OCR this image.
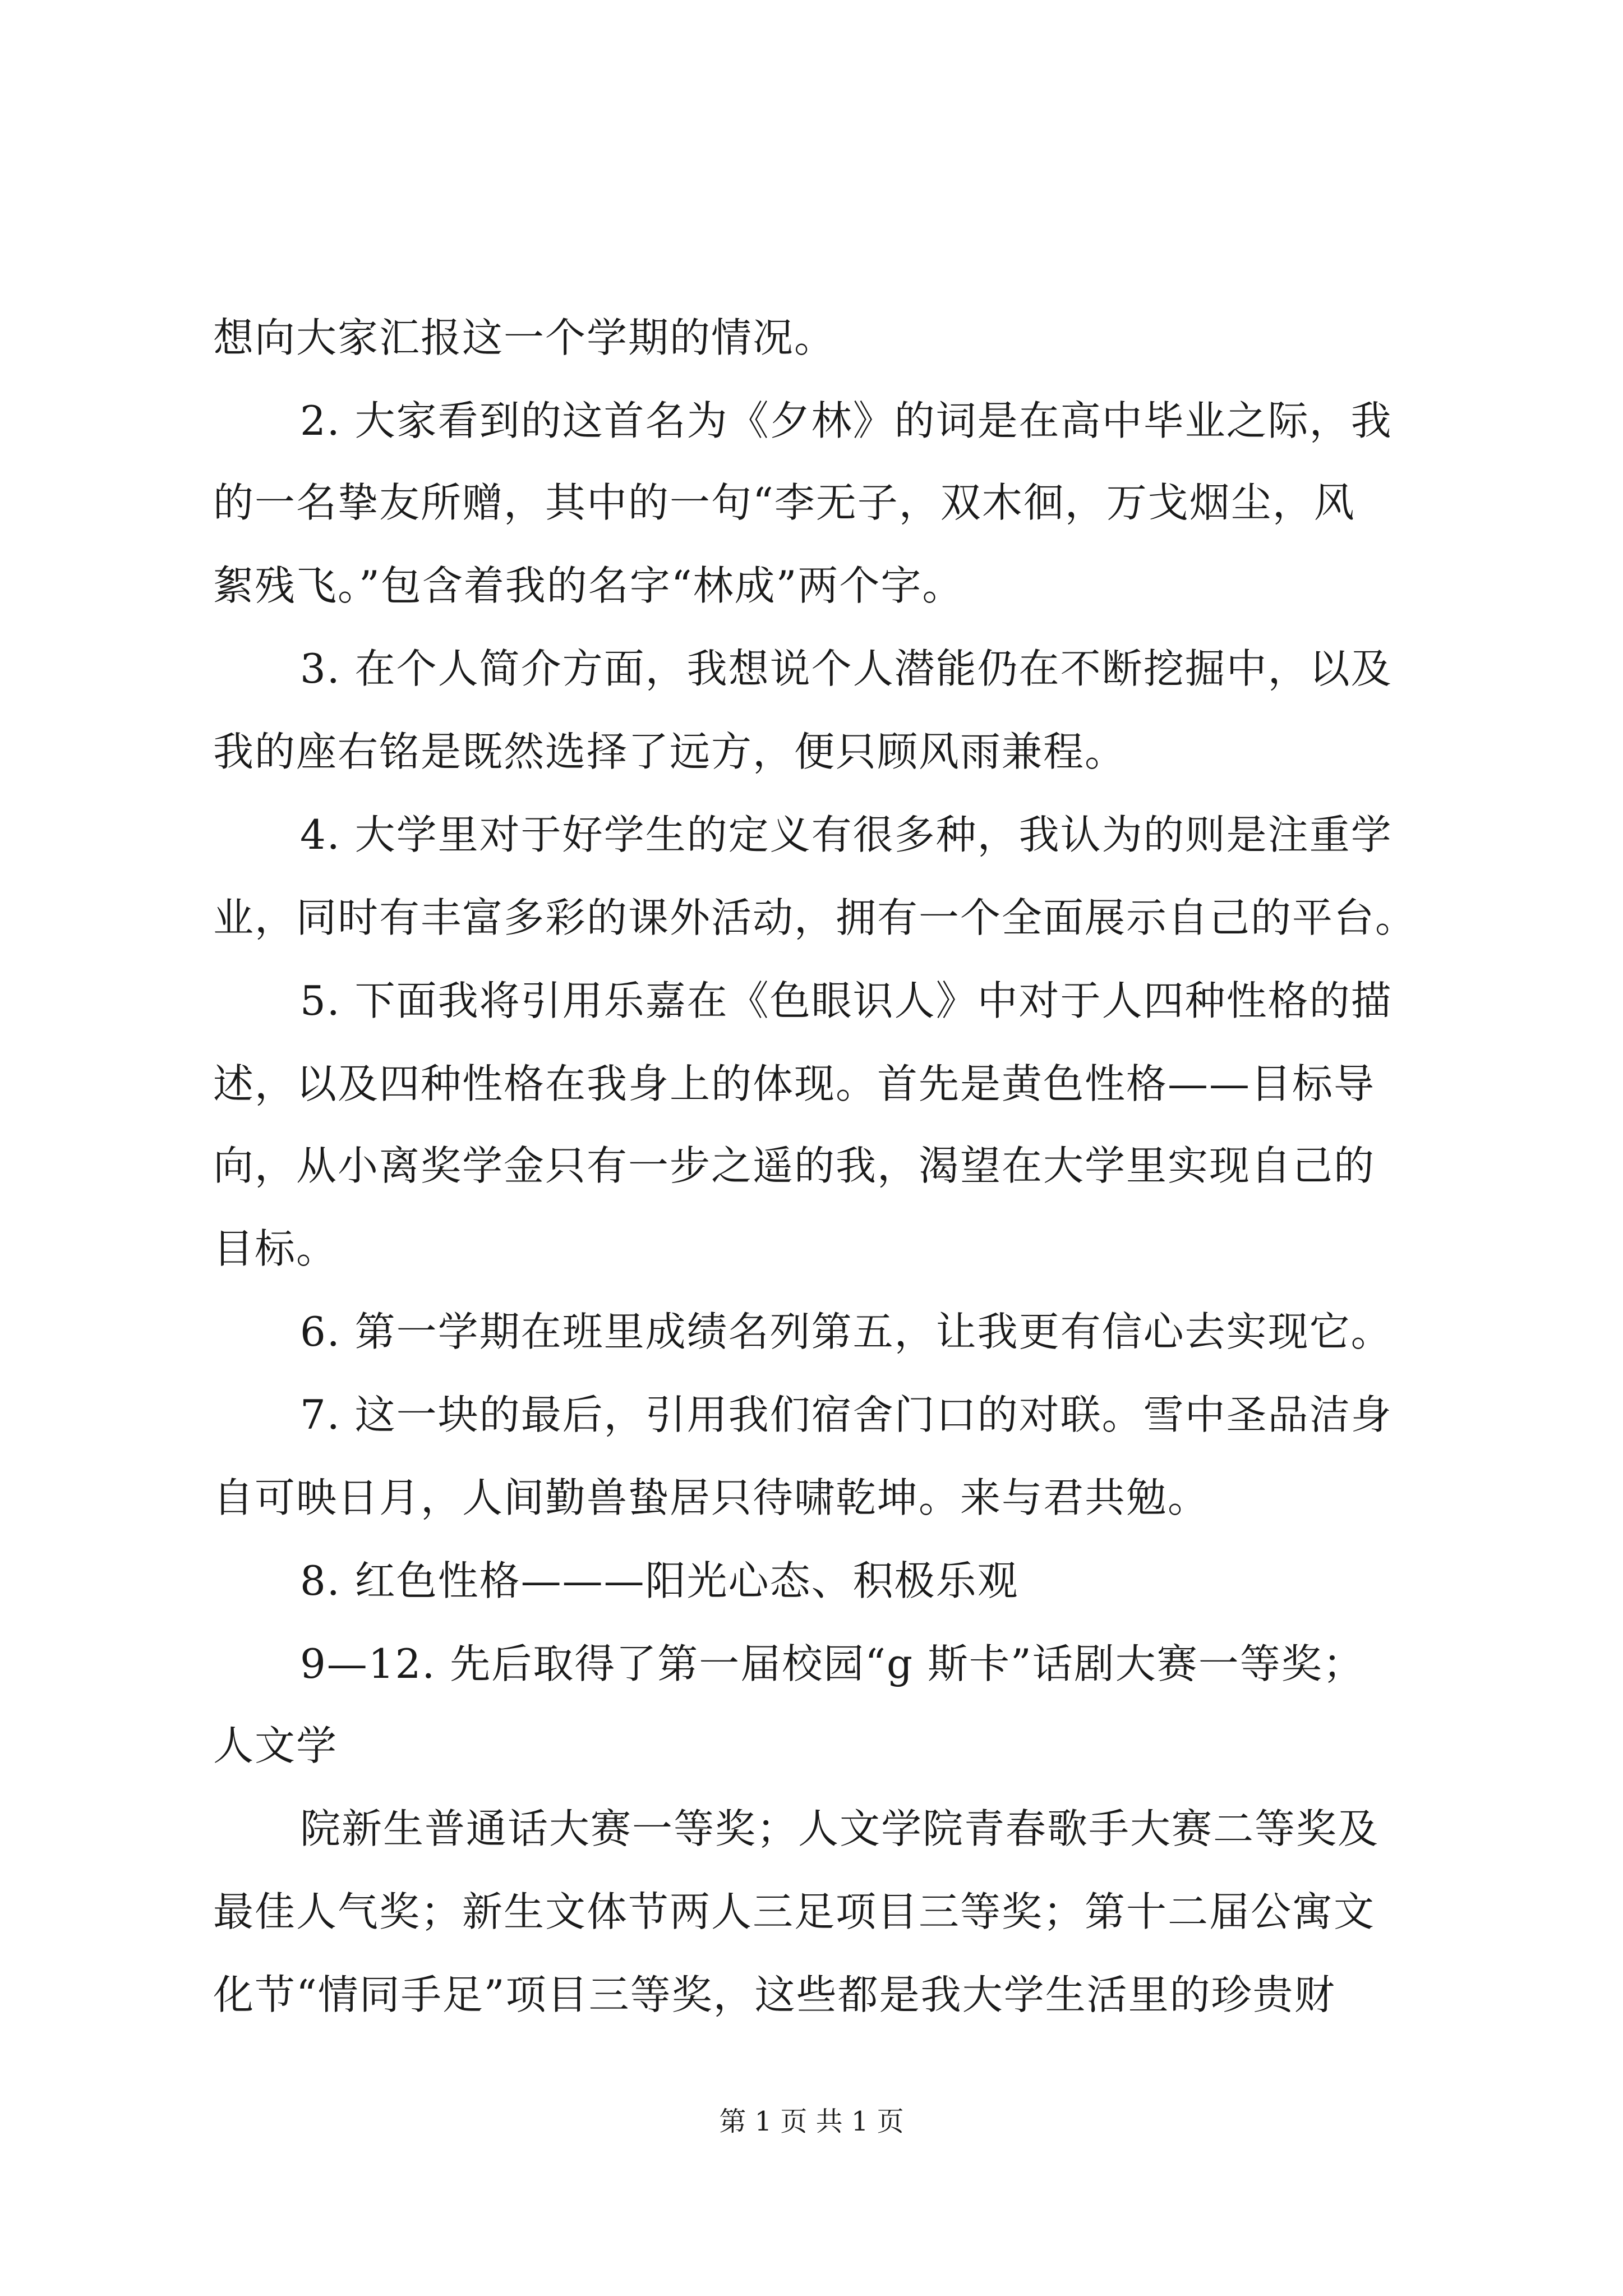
想向大家汇报这一个学期的情况。
2. 大家看到的这首名为《夕林》的词是在高中毕业之际，我
的一名挚友所赠，其中的一句“李无子，双木徊，万戈烟尘，风
絮残飞。”包含着我的名字“林成”两个字。
3. 在个人简介方面，我想说个人潜能仍在不断挖掘中，以及
我的座右铭是既然选择了远方，便只顾风雨兼程。
4. 大学里对于好学生的定义有很多种，我认为的则是注重学
业，同时有丰富多彩的课外活动，拥有一个全面展示自己的平台。
5. 下面我将引用乐嘉在《色眼识人》中对于人四种性格的描
述，以及四种性格在我身上的体现。首先是黄色性格——目标导
向，从小离奖学金只有一步之遥的我，渴望在大学里实现自己的
目标。
6. 第一学期在班里成绩名列第五，让我更有信心去实现它。
7. 这一块的最后，引用我们宿舍门口的对联。雪中圣品洁身
自可映日月，人间勤兽蛰居只待啸乾坤。来与君共勉。
8. 红色性格———阳光心态、积极乐观
9—12. 先后取得了第一届校园“g 斯卡”话剧大赛一等奖；
人文学
院新生普通话大赛一等奖；人文学院青春歌手大赛二等奖及
最佳人气奖；新生文体节两人三足项目三等奖；第十二届公寓文
化节“情同手足”项目三等奖，这些都是我大学生活里的珍贵财
第 1 页 共 1 页
